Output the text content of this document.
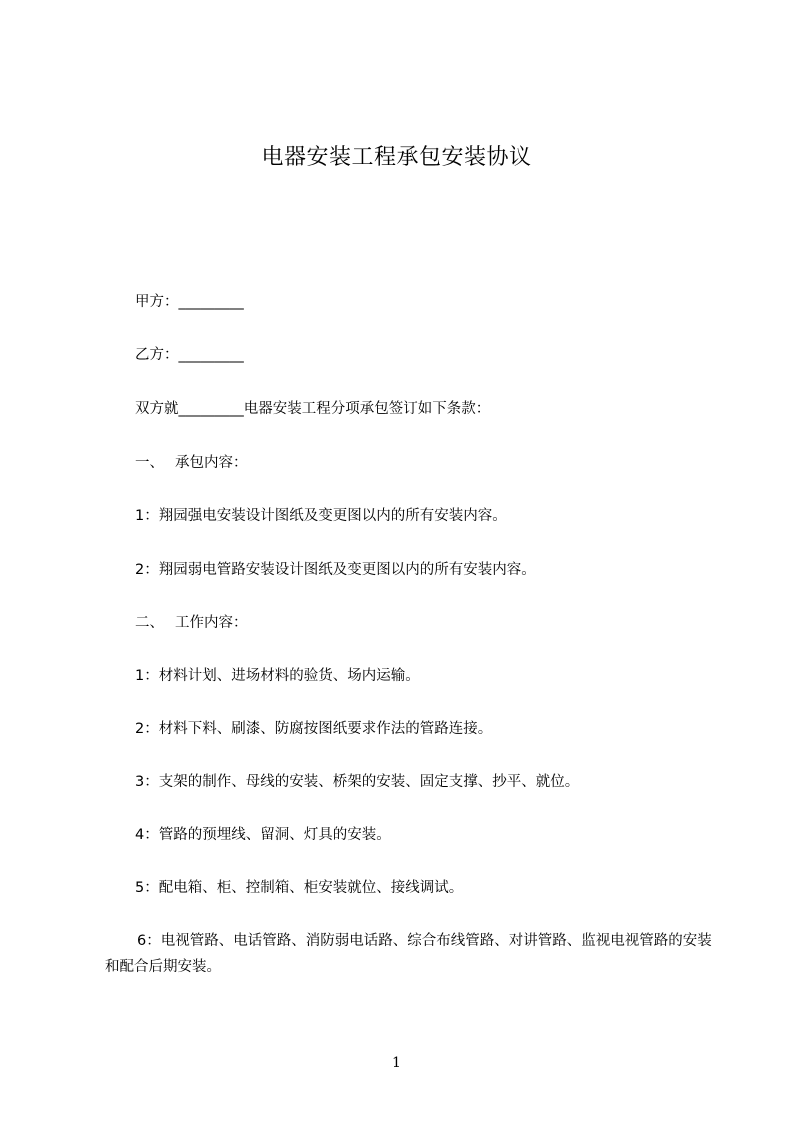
电器安装工程承包安装协议
甲方：_________
乙方：_________
双方就_________电器安装工程分项承包签订如下条款：
一、 承包内容：
1：翔园强电安装设计图纸及变更图以内的所有安装内容。
2：翔园弱电管路安装设计图纸及变更图以内的所有安装内容。
二、 工作内容：
1：材料计划、进场材料的验货、场内运输。
2：材料下料、刷漆、防腐按图纸要求作法的管路连接。
3：支架的制作、母线的安装、桥架的安装、固定支撑、抄平、就位。
4：管路的预埋线、留洞、灯具的安装。
5：配电箱、柜、控制箱、柜安装就位、接线调试。
6：电视管路、电话管路、消防弱电话路、综合布线管路、对讲管路、监视电视管路的安装和配合后期安装。
1
